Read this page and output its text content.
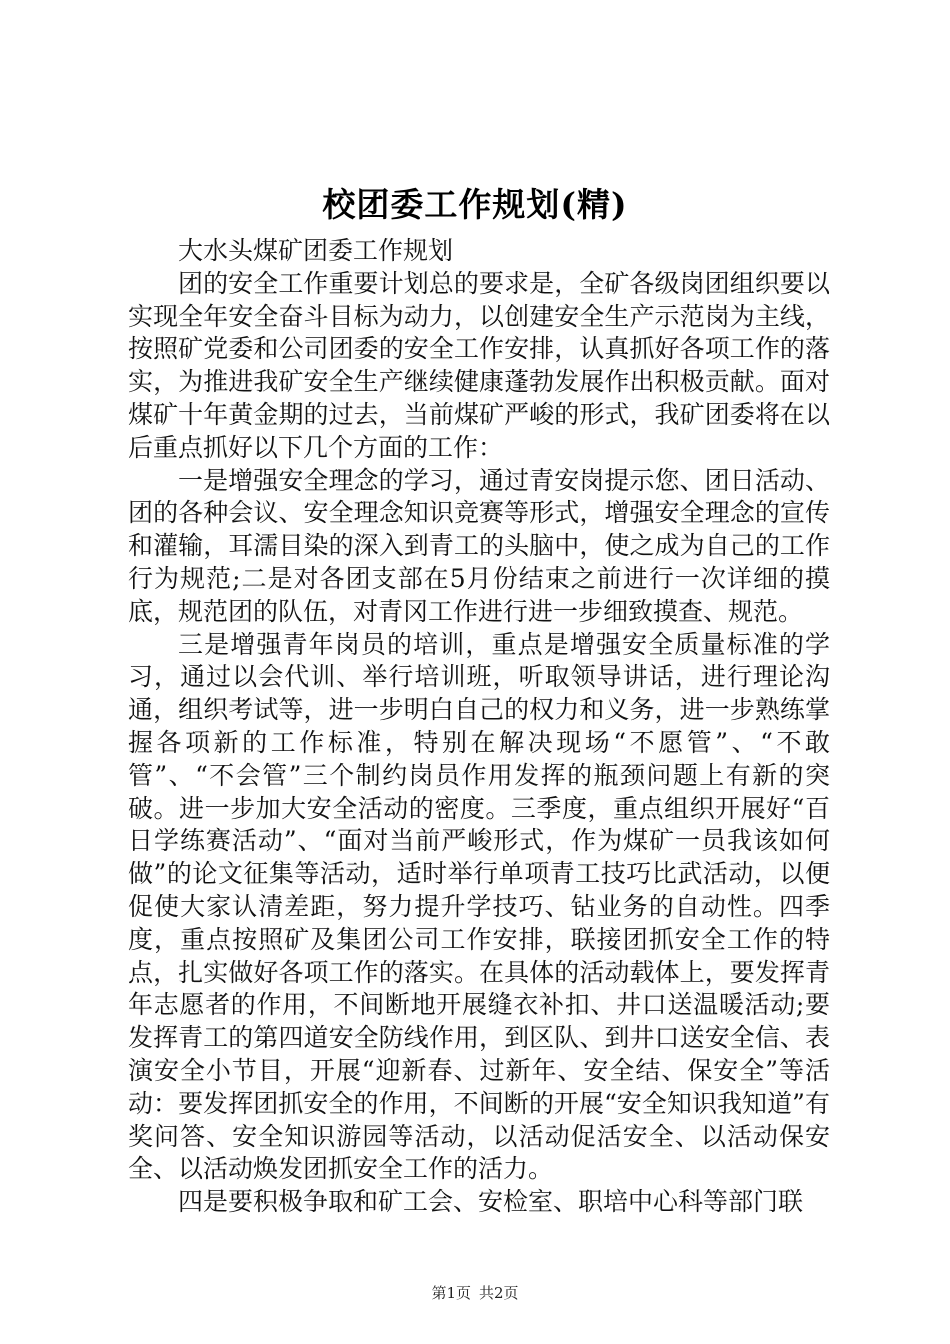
校团委工作规划(精)

大水头煤矿团委工作规划

团的安全工作重要计划总的要求是，全矿各级岗团组织要以实现全年安全奋斗目标为动力，以创建安全生产示范岗为主线，按照矿党委和公司团委的安全工作安排，认真抓好各项工作的落实，为推进我矿安全生产继续健康蓬勃发展作出积极贡献。面对煤矿十年黄金期的过去，当前煤矿严峻的形式，我矿团委将在以后重点抓好以下几个方面的工作：

一是增强安全理念的学习，通过青安岗提示您、团日活动、团的各种会议、安全理念知识竞赛等形式，增强安全理念的宣传和灌输，耳濡目染的深入到青工的头脑中，使之成为自己的工作行为规范;二是对各团支部在5月份结束之前进行一次详细的摸底，规范团的队伍，对青冈工作进行进一步细致摸查、规范。

三是增强青年岗员的培训，重点是增强安全质量标准的学习，通过以会代训、举行培训班，听取领导讲话，进行理论沟通，组织考试等，进一步明白自己的权力和义务，进一步熟练掌握各项新的工作标准，特别在解决现场“不愿管”、“不敢管”、“不会管”三个制约岗员作用发挥的瓶颈问题上有新的突破。进一步加大安全活动的密度。三季度，重点组织开展好“百日学练赛活动”、“面对当前严峻形式，作为煤矿一员我该如何做”的论文征集等活动，适时举行单项青工技巧比武活动，以便促使大家认清差距，努力提升学技巧、钻业务的自动性。四季度，重点按照矿及集团公司工作安排，联接团抓安全工作的特点，扎实做好各项工作的落实。在具体的活动载体上，要发挥青年志愿者的作用，不间断地开展缝衣补扣、井口送温暖活动;要发挥青工的第四道安全防线作用，到区队、到井口送安全信、表演安全小节目，开展“迎新春、过新年、安全结、保安全”等活动：要发挥团抓安全的作用，不间断的开展“安全知识我知道”有奖问答、安全知识游园等活动，以活动促活安全、以活动保安全、以活动焕发团抓安全工作的活力。

四是要积极争取和矿工会、安检室、职培中心科等部门联

第1页 共2页
